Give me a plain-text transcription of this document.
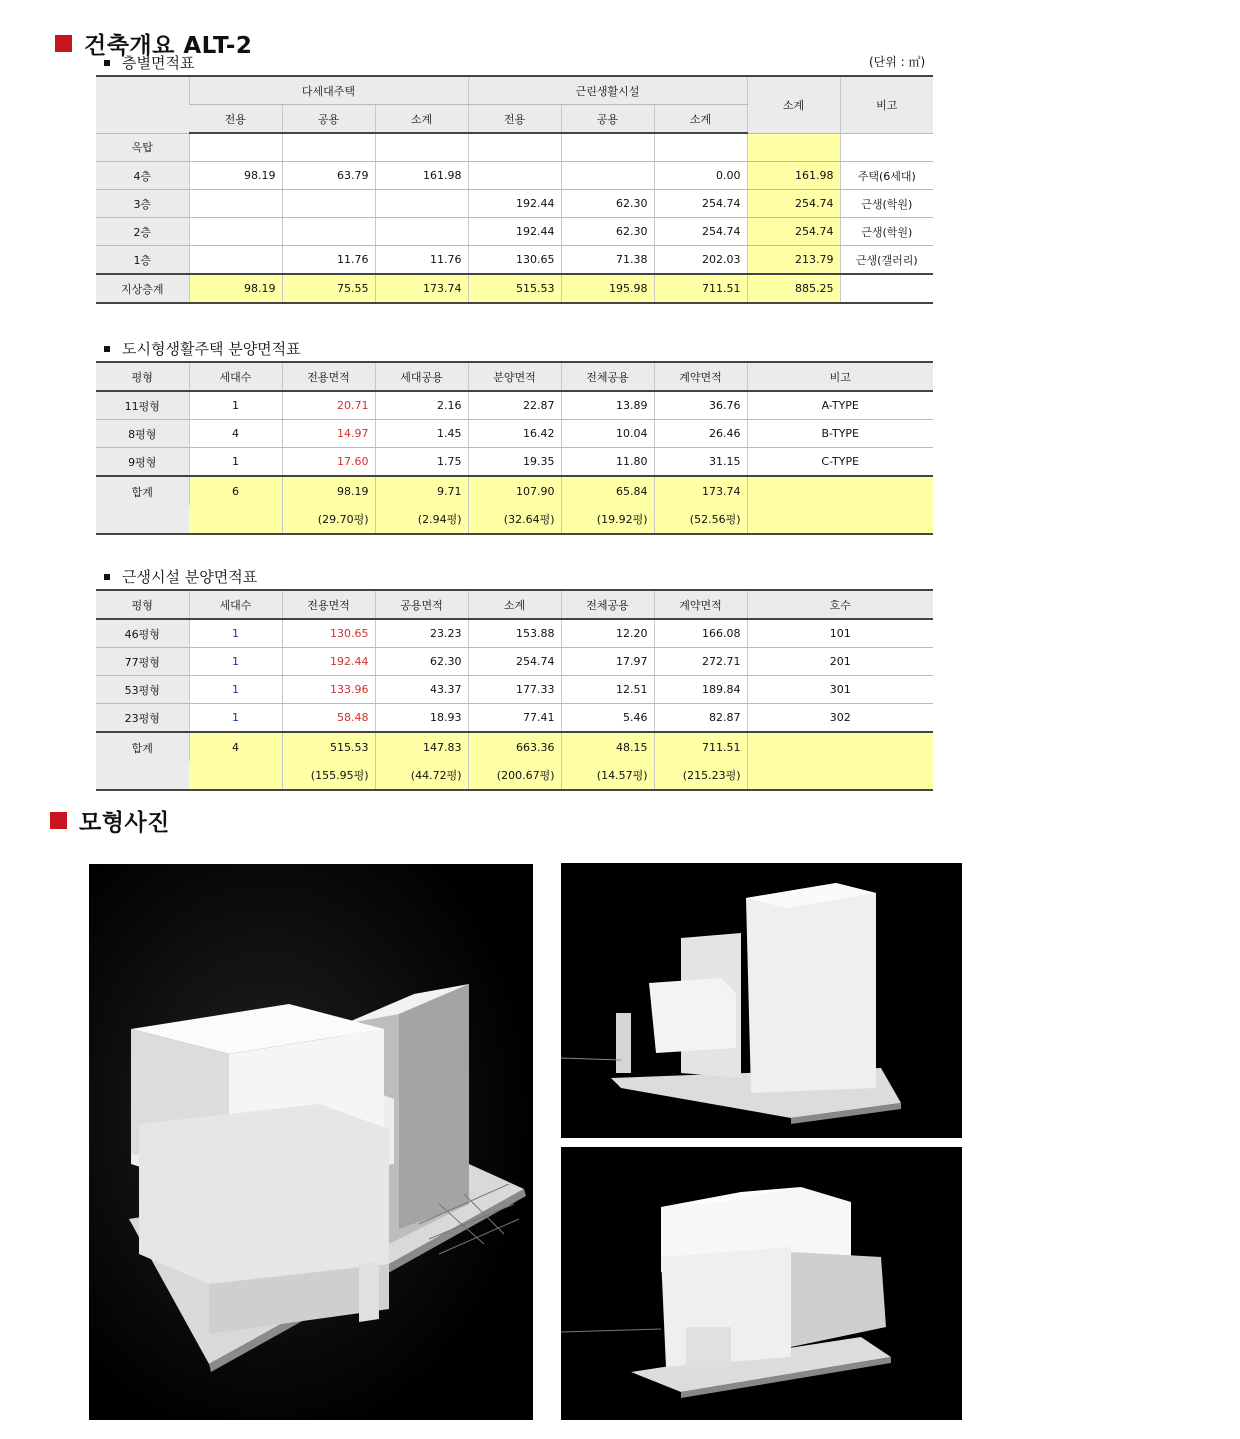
건축개요 ALT-2
층별면적표	(단위 : ㎡)
	다세대주택			근린생활시설			소계	비고
	전용	공용	소계	전용	공용	소계		
옥탑								
4층	98.19	63.79	161.98			0.00	161.98	주택(6세대)
3층				192.44	62.30	254.74	254.74	근생(학원)
2층				192.44	62.30	254.74	254.74	근생(학원)
1층		11.76	11.76	130.65	71.38	202.03	213.79	근생(갤러리)
지상층계	98.19	75.55	173.74	515.53	195.98	711.51	885.25	
도시형생활주택 분양면적표
평형	세대수	전용면적	세대공용	분양면적	전체공용	계약면적	비고
11평형	1	20.71	2.16	22.87	13.89	36.76	A-TYPE
8평형	4	14.97	1.45	16.42	10.04	26.46	B-TYPE
9평형	1	17.60	1.75	19.35	11.80	31.15	C-TYPE
합계	6	98.19	9.71	107.90	65.84	173.74	
		(29.70평)	(2.94평)	(32.64평)	(19.92평)	(52.56평)	
근생시설 분양면적표
평형	세대수	전용면적	공용면적	소계	전체공용	계약면적	호수
46평형	1	130.65	23.23	153.88	12.20	166.08	101
77평형	1	192.44	62.30	254.74	17.97	272.71	201
53평형	1	133.96	43.37	177.33	12.51	189.84	301
23평형	1	58.48	18.93	77.41	5.46	82.87	302
합계	4	515.53	147.83	663.36	48.15	711.51	
		(155.95평)	(44.72평)	(200.67평)	(14.57평)	(215.23평)	
모형사진
